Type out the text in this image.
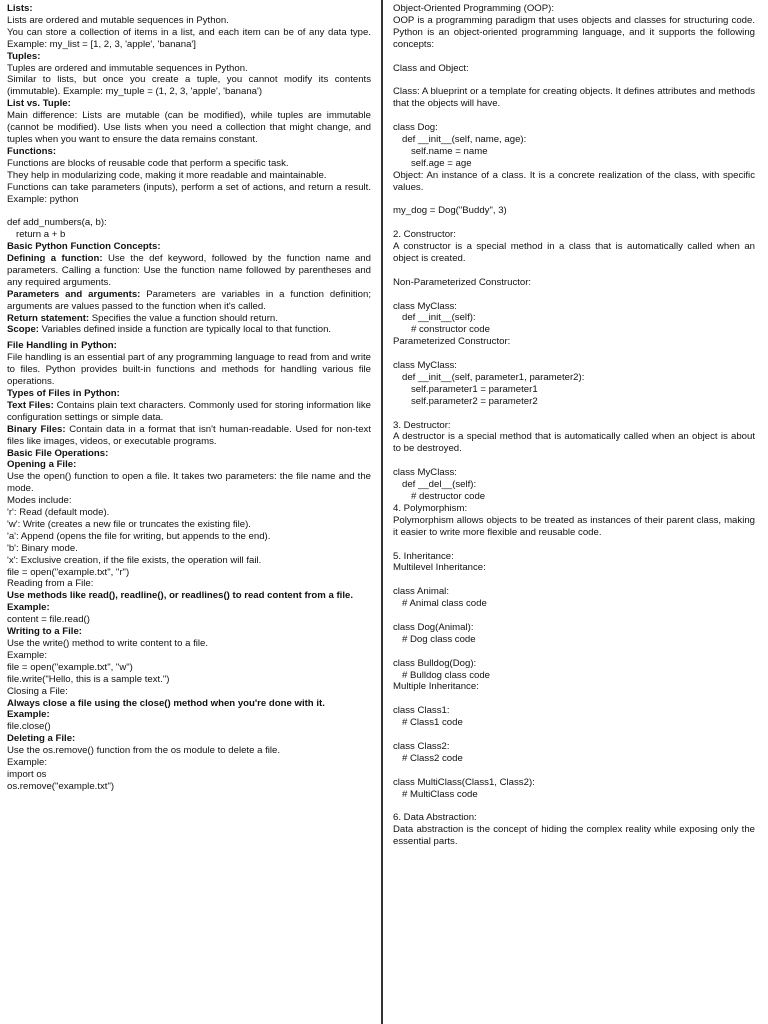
Lists:
Lists are ordered and mutable sequences in Python.
You can store a collection of items in a list, and each item can be of any data type. Example: my_list = [1, 2, 3, 'apple', 'banana']
Tuples:
Tuples are ordered and immutable sequences in Python.
Similar to lists, but once you create a tuple, you cannot modify its contents (immutable). Example: my_tuple = (1, 2, 3, 'apple', 'banana')
List vs. Tuple:
Main difference: Lists are mutable (can be modified), while tuples are immutable (cannot be modified). Use lists when you need a collection that might change, and tuples when you want to ensure the data remains constant.
Functions:
Functions are blocks of reusable code that perform a specific task.
They help in modularizing code, making it more readable and maintainable.
Functions can take parameters (inputs), perform a set of actions, and return a result. Example: python
def add_numbers(a, b):
return a + b
Basic Python Function Concepts:
Defining a function: Use the def keyword, followed by the function name and parameters. Calling a function: Use the function name followed by parentheses and any required arguments.
Parameters and arguments: Parameters are variables in a function definition; arguments are values passed to the function when it's called.
Return statement: Specifies the value a function should return.
Scope: Variables defined inside a function are typically local to that function.
File Handling in Python:
File handling is an essential part of any programming language to read from and write to files. Python provides built-in functions and methods for handling various file operations.
Types of Files in Python:
Text Files: Contains plain text characters. Commonly used for storing information like configuration settings or simple data.
Binary Files: Contain data in a format that isn't human-readable. Used for non-text files like images, videos, or executable programs.
Basic File Operations:
Opening a File:
Use the open() function to open a file. It takes two parameters: the file name and the mode.
Modes include:
'r': Read (default mode).
'w': Write (creates a new file or truncates the existing file).
'a': Append (opens the file for writing, but appends to the end).
'b': Binary mode.
'x': Exclusive creation, if the file exists, the operation will fail.
file = open("example.txt", "r")
Reading from a File:
Use methods like read(), readline(), or readlines() to read content from a file.
Example:
content = file.read()
Writing to a File:
Use the write() method to write content to a file.
Example:
file = open("example.txt", "w")
file.write("Hello, this is a sample text.")
Closing a File:
Always close a file using the close() method when you're done with it.
Example:
file.close()
Deleting a File:
Use the os.remove() function from the os module to delete a file.
Example:
import os
os.remove("example.txt")
Object-Oriented Programming (OOP):
OOP is a programming paradigm that uses objects and classes for structuring code. Python is an object-oriented programming language, and it supports the following concepts:
Class and Object:
Class: A blueprint or a template for creating objects. It defines attributes and methods that the objects will have.
class Dog:
def __init__(self, name, age):
self.name = name
self.age = age
Object: An instance of a class. It is a concrete realization of the class, with specific values.
my_dog = Dog("Buddy", 3)
2. Constructor:
A constructor is a special method in a class that is automatically called when an object is created.
Non-Parameterized Constructor:
class MyClass:
def __init__(self):
# constructor code
Parameterized Constructor:
class MyClass:
def __init__(self, parameter1, parameter2):
self.parameter1 = parameter1
self.parameter2 = parameter2
3. Destructor:
A destructor is a special method that is automatically called when an object is about to be destroyed.
class MyClass:
def __del__(self):
# destructor code
4. Polymorphism:
Polymorphism allows objects to be treated as instances of their parent class, making it easier to write more flexible and reusable code.
5. Inheritance:
Multilevel Inheritance:
class Animal:
# Animal class code
class Dog(Animal):
# Dog class code
class Bulldog(Dog):
# Bulldog class code
Multiple Inheritance:
class Class1:
# Class1 code
class Class2:
# Class2 code
class MultiClass(Class1, Class2):
# MultiClass code
6. Data Abstraction:
Data abstraction is the concept of hiding the complex reality while exposing only the essential parts.
